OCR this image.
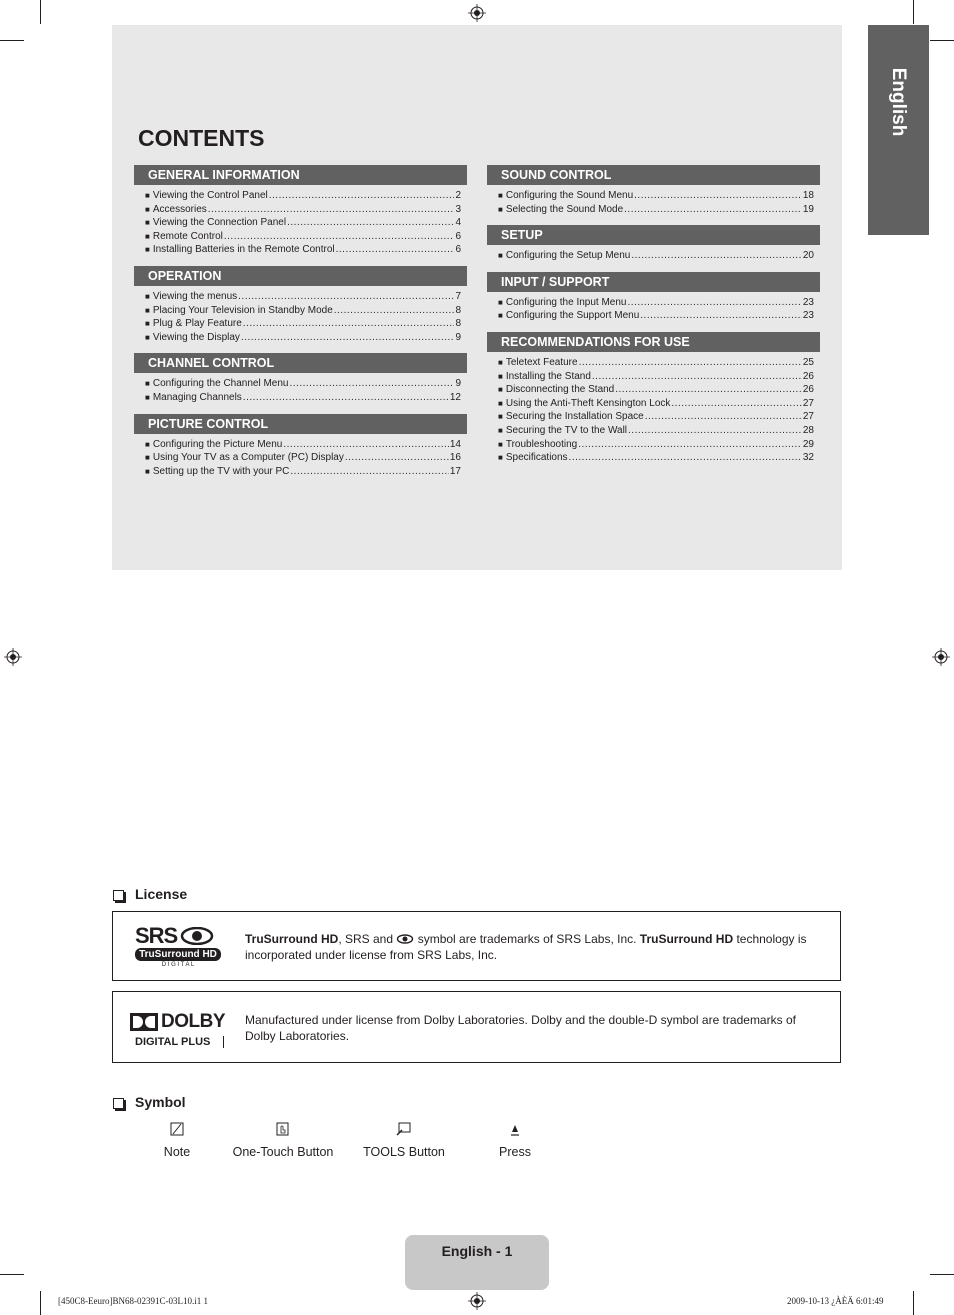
English
CONTENTS
GENERAL INFORMATION
■ Viewing the Control Panel .....	2
■ Accessories .....	3
■ Viewing the Connection Panel .....	4
■ Remote Control .....	6
■ Installing Batteries in the Remote Control .....	6
OPERATION
■ Viewing the menus .....	7
■ Placing Your Television in Standby Mode .....	8
■ Plug & Play Feature .....	8
■ Viewing the Display .....	9
CHANNEL CONTROL
■ Configuring the Channel Menu .....	9
■ Managing Channels .....	12
PICTURE CONTROL
■ Configuring the Picture Menu .....	14
■ Using Your TV as a Computer (PC) Display .....	16
■ Setting up the TV with your PC .....	17
SOUND CONTROL
■ Configuring the Sound Menu .....	18
■ Selecting the Sound Mode .....	19
SETUP
■ Configuring the Setup Menu .....	20
INPUT / SUPPORT
■ Configuring the Input Menu .....	23
■ Configuring the Support Menu .....	23
RECOMMENDATIONS FOR USE
■ Teletext Feature .....	25
■ Installing the Stand .....	26
■ Disconnecting the Stand .....	26
■ Using the Anti-Theft Kensington Lock .....	27
■ Securing the Installation Space .....	27
■ Securing the TV to the Wall .....	28
■ Troubleshooting .....	29
■ Specifications .....	32
License
SRS
TruSurround HD
D I G I T A L
TruSurround HD, SRS and  symbol are trademarks of SRS Labs, Inc. TruSurround HD technology is incorporated under license from SRS Labs, Inc.
DOLBY
DIGITAL PLUS
Manufactured under license from Dolby Laboratories. Dolby and the double-D symbol are trademarks of Dolby Laboratories.
Symbol
Note	One-Touch Button	TOOLS Button	Press
English - 1
[450C8-Eeuro]BN68-02391C-03L10.i1 1	2009-10-13 ¿ÀÈÄ 6:01:49
